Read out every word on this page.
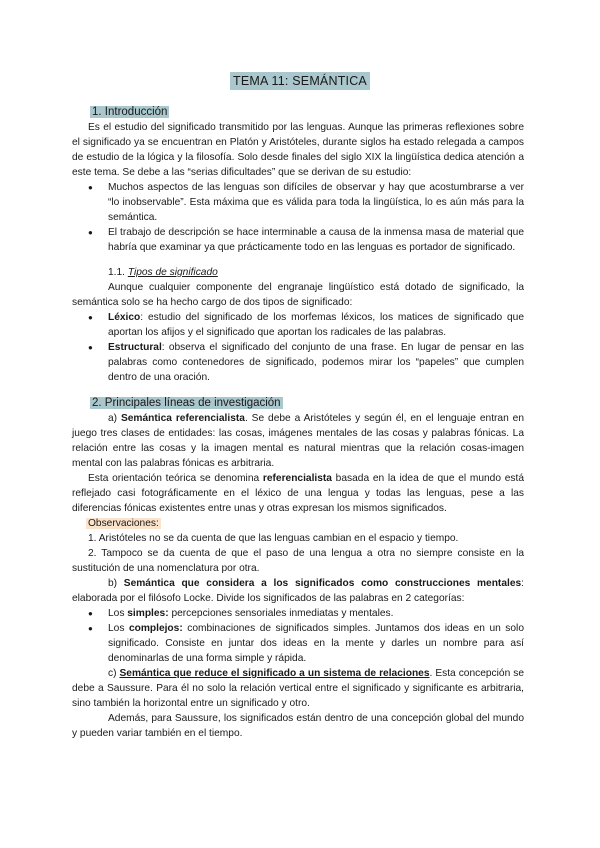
TEMA 11: SEMÁNTICA
1. Introducción

Es el estudio del significado transmitido por las lenguas. Aunque las primeras reflexiones sobre el significado ya se encuentran en Platón y Aristóteles, durante siglos ha estado relegada a campos de estudio de la lógica y la filosofía. Solo desde finales del siglo XIX la lingüística dedica atención a este tema. Se debe a las “serias dificultades” que se derivan de su estudio:

● Muchos aspectos de las lenguas son difíciles de observar y hay que acostumbrarse a ver “lo inobservable”. Esta máxima que es válida para toda la lingüística, lo es aún más para la semántica.
● El trabajo de descripción se hace interminable a causa de la inmensa masa de material que habría que examinar ya que prácticamente todo en las lenguas es portador de significado.
1.1. Tipos de significado

Aunque cualquier componente del engranaje lingüístico está dotado de significado, la semántica solo se ha hecho cargo de dos tipos de significado:

● Léxico: estudio del significado de los morfemas léxicos, los matices de significado que aportan los afijos y el significado que aportan los radicales de las palabras.
● Estructural: observa el significado del conjunto de una frase. En lugar de pensar en las palabras como contenedores de significado, podemos mirar los “papeles” que cumplen dentro de una oración.
2. Principales líneas de investigación

a) Semántica referencialista. Se debe a Aristóteles y según él, en el lenguaje entran en juego tres clases de entidades: las cosas, imágenes mentales de las cosas y palabras fónicas. La relación entre las cosas y la imagen mental es natural mientras que la relación cosas-imagen mental con las palabras fónicas es arbitraria.

Esta orientación teórica se denomina referencialista basada en la idea de que el mundo está reflejado casi fotográficamente en el léxico de una lengua y todas las lenguas, pese a las diferencias fónicas existentes entre unas y otras expresan los mismos significados.

Observaciones:

1. Aristóteles no se da cuenta de que las lenguas cambian en el espacio y tiempo.

2. Tampoco se da cuenta de que el paso de una lengua a otra no siempre consiste en la sustitución de una nomenclatura por otra.

b) Semántica que considera a los significados como construcciones mentales: elaborada por el filósofo Locke. Divide los significados de las palabras en 2 categorías:

● Los simples: percepciones sensoriales inmediatas y mentales.
● Los complejos: combinaciones de significados simples. Juntamos dos ideas en un solo significado. Consiste en juntar dos ideas en la mente y darles un nombre para así denominarlas de una forma simple y rápida.

c) Semántica que reduce el significado a un sistema de relaciones. Esta concepción se debe a Saussure. Para él no solo la relación vertical entre el significado y significante es arbitraria, sino también la horizontal entre un significado y otro.

Además, para Saussure, los significados están dentro de una concepción global del mundo y pueden variar también en el tiempo.
